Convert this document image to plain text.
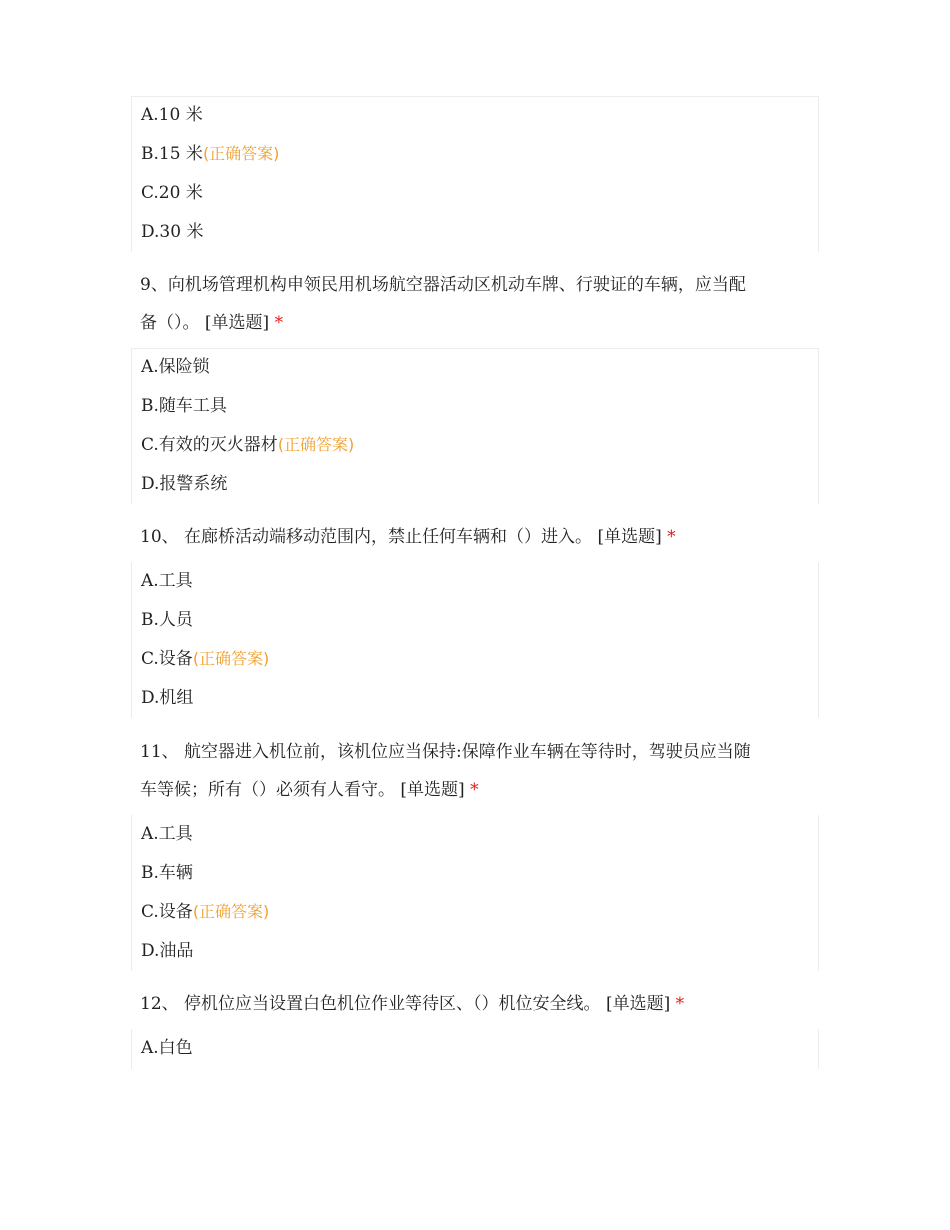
A.10 米
B.15 米(正确答案)
C.20 米
D.30 米
9、向机场管理机构申领民用机场航空器活动区机动车牌、行驶证的车辆，应当配
备（）。 [单选题] *
A.保险锁
B.随车工具
C.有效的灭火器材(正确答案)
D.报警系统
10、 在廊桥活动端移动范围内，禁止任何车辆和（）进入。 [单选题] *
A.工具
B.人员
C.设备(正确答案)
D.机组
11、 航空器进入机位前，该机位应当保持:保障作业车辆在等待时，驾驶员应当随
车等候；所有（）必须有人看守。 [单选题] *
A.工具
B.车辆
C.设备(正确答案)
D.油品
12、 停机位应当设置白色机位作业等待区、（）机位安全线。 [单选题] *
A.白色
